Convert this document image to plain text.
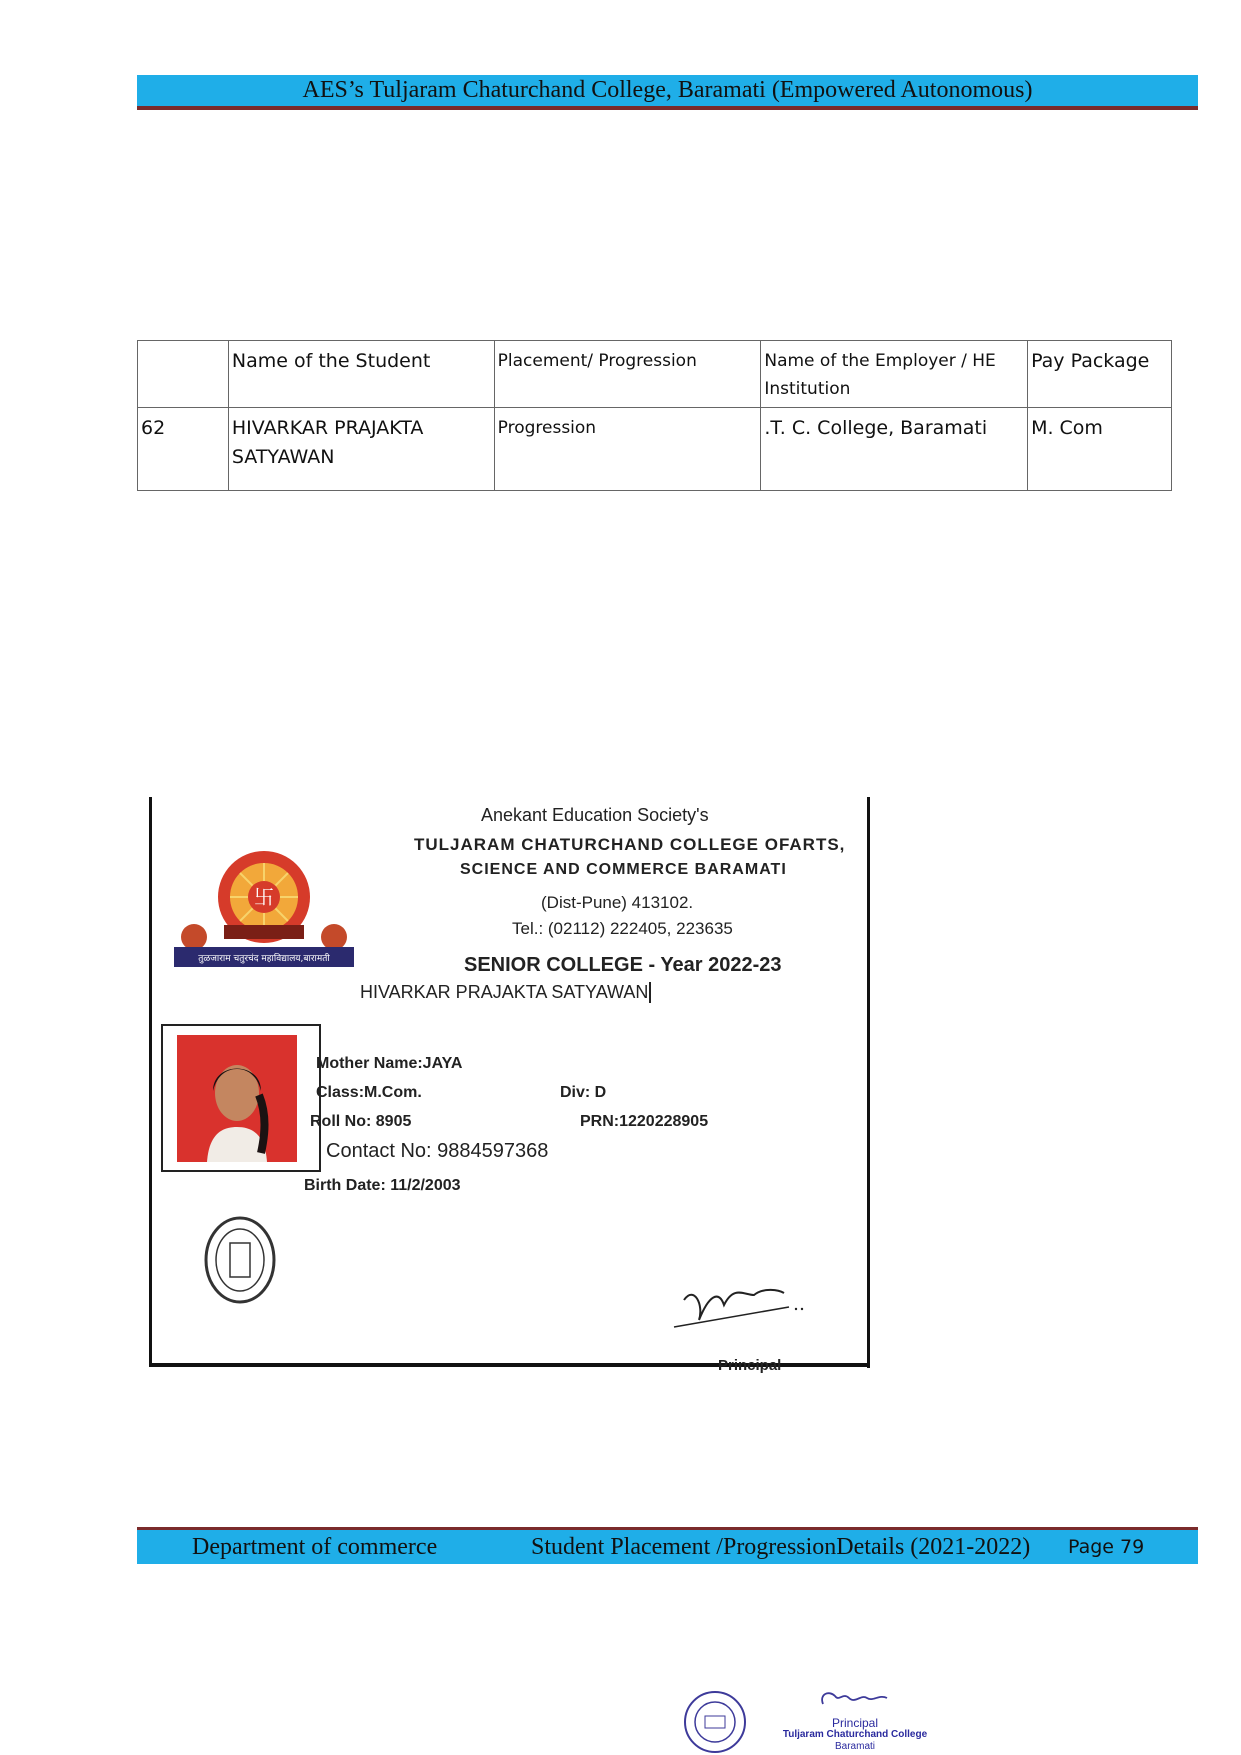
AES’s Tuljaram Chaturchand College, Baramati (Empowered Autonomous)
	Name of the Student	Placement/ Progression	Name of the Employer / HE Institution	Pay Package
62	HIVARKAR PRAJAKTA SATYAWAN	Progression	.T. C. College, Baramati	M. Com
Anekant Education Society's
TULJARAM CHATURCHAND COLLEGE OFARTS,
SCIENCE AND COMMERCE BARAMATI
(Dist-Pune) 413102.
Tel.: (02112) 222405, 223635
SENIOR COLLEGE - Year 2022-23
HIVARKAR PRAJAKTA SATYAWAN
卐
तुळजाराम चतुरचंद महाविद्यालय,बारामती
Mother Name:JAYA
Class:M.Com.	Div: D
Roll No: 8905	PRN:1220228905
Contact No: 9884597368
Birth Date: 11/2/2003
Principal
Department of commerce	Student Placement /ProgressionDetails (2021-2022) Page 79
Principal
Tuljaram Chaturchand College
Baramati
